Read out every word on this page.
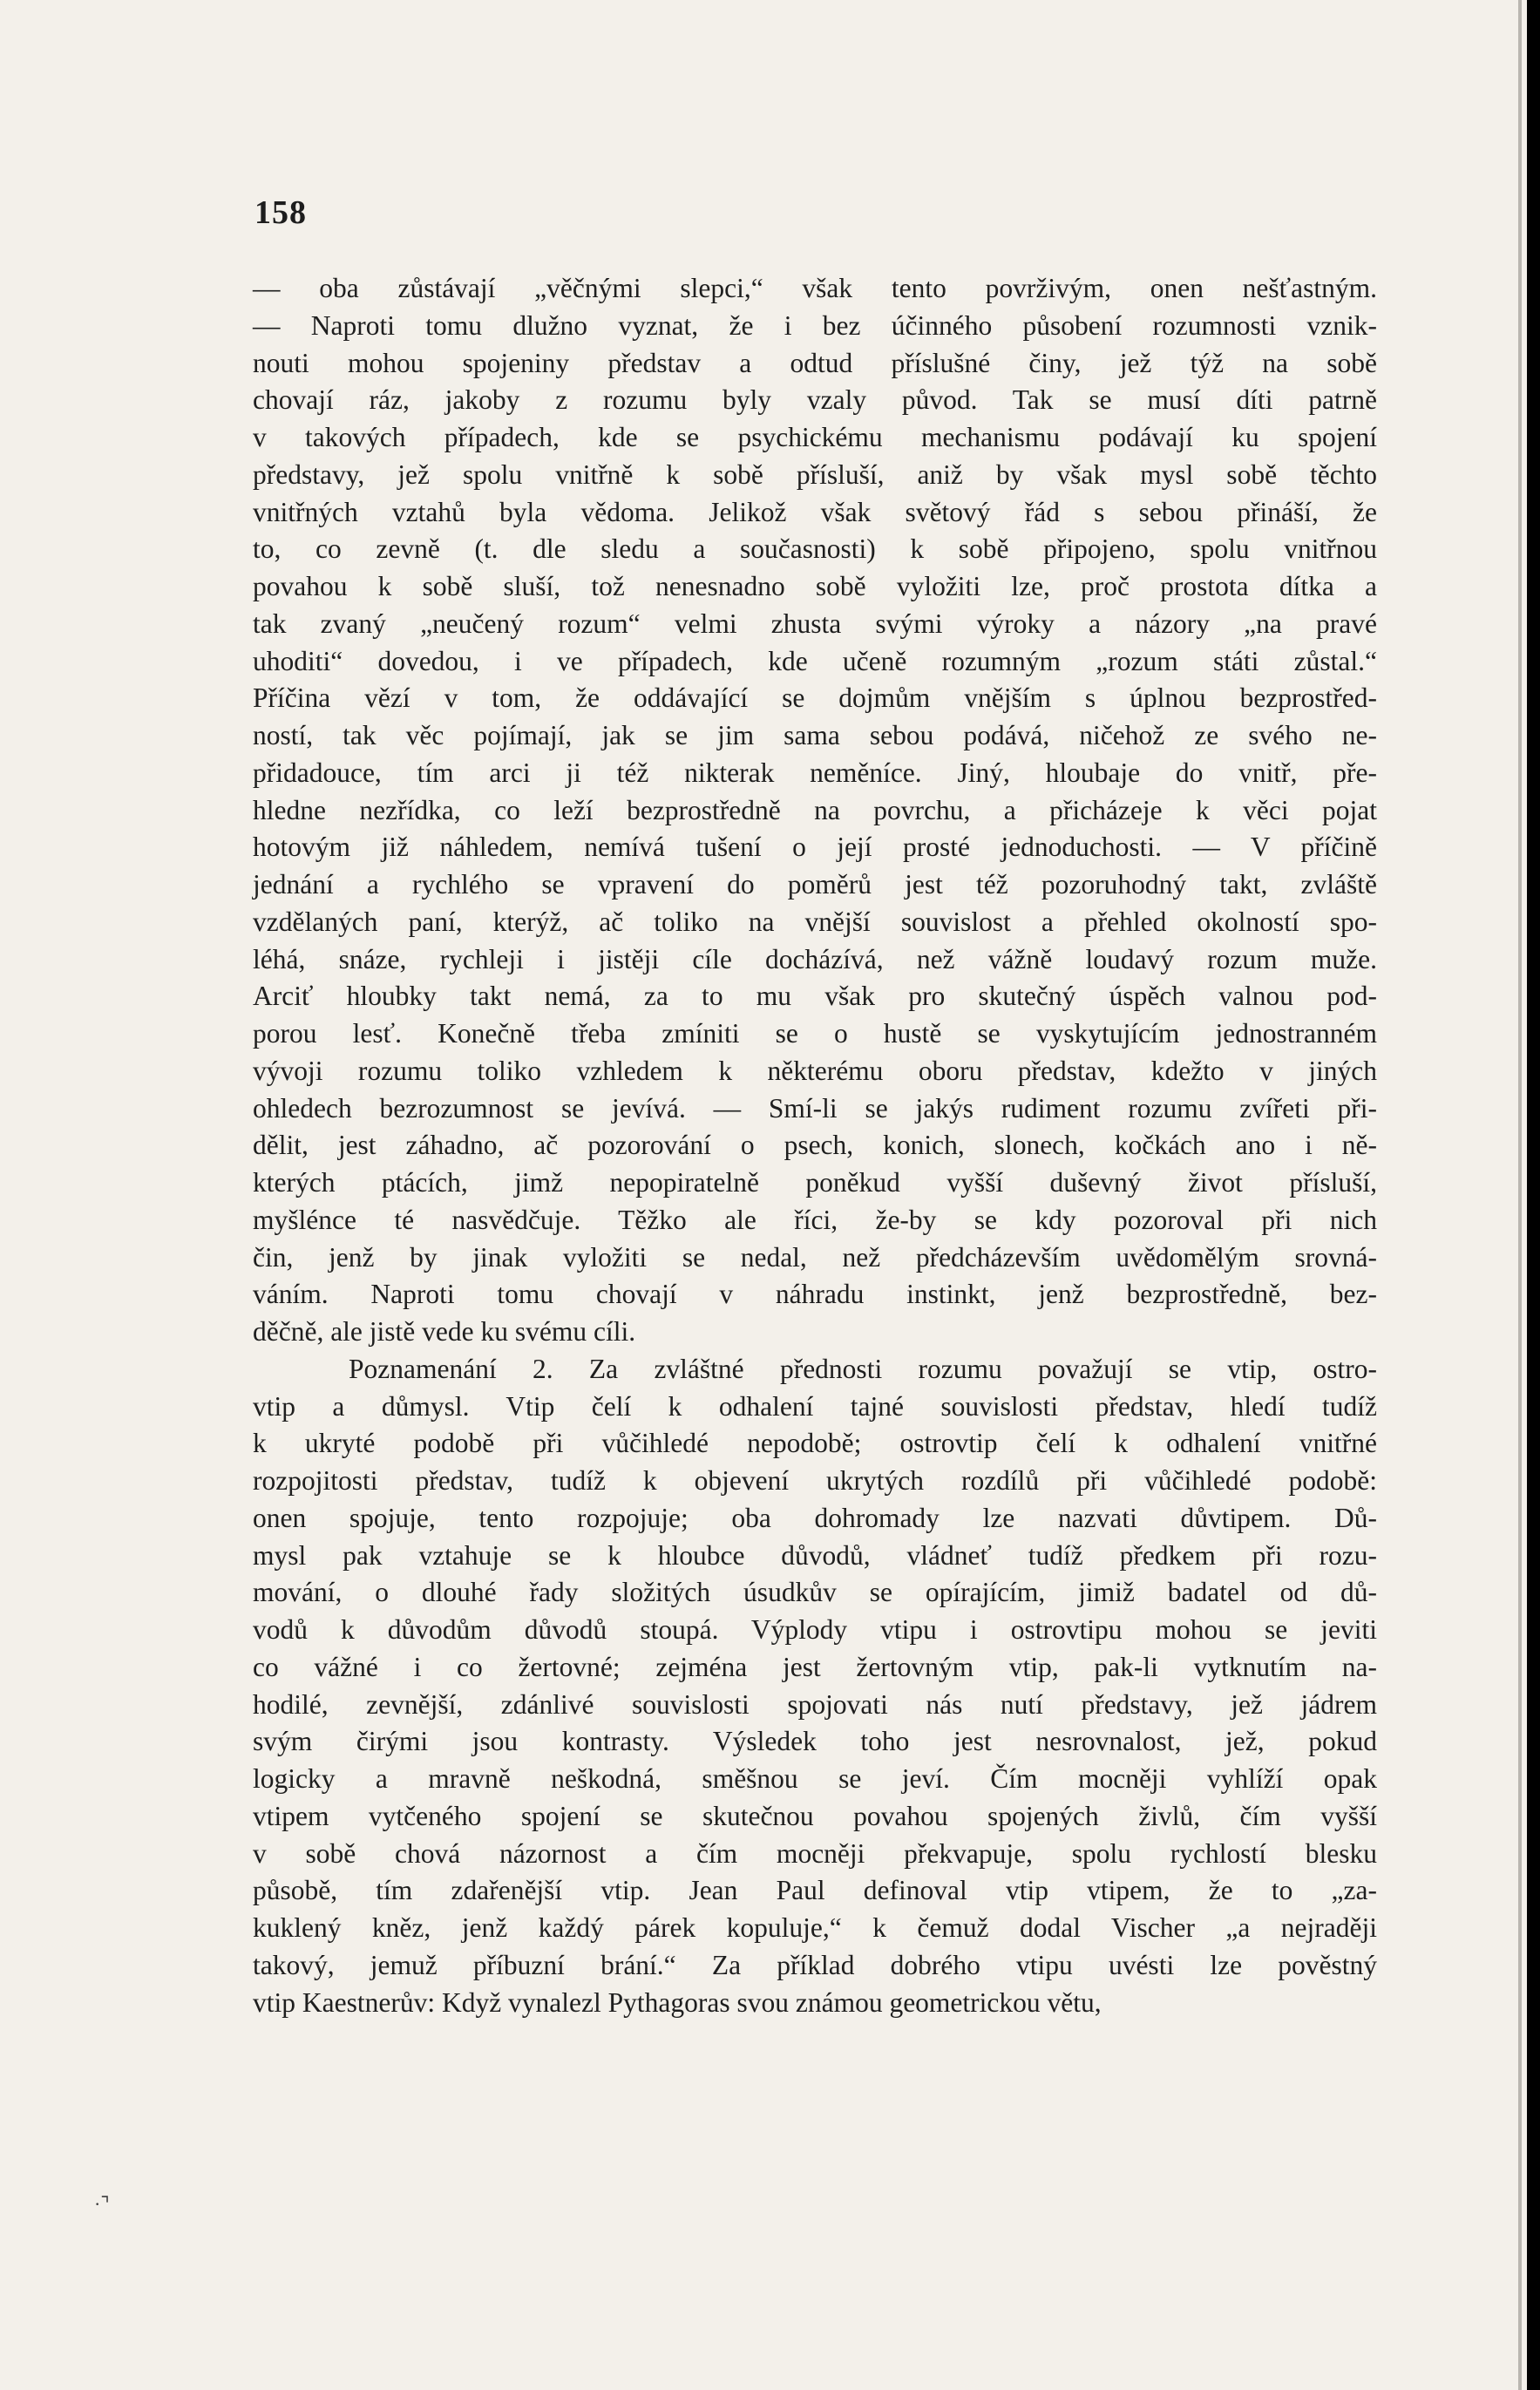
158
— oba zůstávají „věčnými slepci,“ však tento povrživým, onen nešťastným.
— Naproti tomu dlužno vyznat, že i bez účinného působení rozumnosti vznik-
nouti mohou spojeniny představ a odtud příslušné činy, jež týž na sobě
chovají ráz, jakoby z rozumu byly vzaly původ. Tak se musí díti patrně
v takových případech, kde se psychickému mechanismu podávají ku spojení
představy, jež spolu vnitřně k sobě přísluší, aniž by však mysl sobě těchto
vnitřných vztahů byla vědoma. Jelikož však světový řád s sebou přináší, že
to, co zevně (t. dle sledu a současnosti) k sobě připojeno, spolu vnitřnou
povahou k sobě sluší, tož nenesnadno sobě vyložiti lze, proč prostota dítka a
tak zvaný „neučený rozum“ velmi zhusta svými výroky a názory „na pravé
uhoditi“ dovedou, i ve případech, kde učeně rozumným „rozum státi zůstal.“
Příčina vězí v tom, že oddávající se dojmům vnějším s úplnou bezprostřed-
ností, tak věc pojímají, jak se jim sama sebou podává, ničehož ze svého ne-
přidadouce, tím arci ji též nikterak neměníce. Jiný, hloubaje do vnitř, pře-
hledne nezřídka, co leží bezprostředně na povrchu, a přicházeje k věci pojat
hotovým již náhledem, nemívá tušení o její prosté jednoduchosti. — V příčině
jednání a rychlého se vpravení do poměrů jest též pozoruhodný takt, zvláště
vzdělaných paní, kterýž, ač toliko na vnější souvislost a přehled okolností spo-
léhá, snáze, rychleji i jistěji cíle docházívá, než vážně loudavý rozum muže.
Arciť hloubky takt nemá, za to mu však pro skutečný úspěch valnou pod-
porou lesť. Konečně třeba zmíniti se o hustě se vyskytujícím jednostranném
vývoji rozumu toliko vzhledem k některému oboru představ, kdežto v jiných
ohledech bezrozumnost se jevívá. — Smí-li se jakýs rudiment rozumu zvířeti při-
dělit, jest záhadno, ač pozorování o psech, konich, slonech, kočkách ano i ně-
kterých ptácích, jimž nepopiratelně poněkud vyšší duševný život přísluší,
myšlénce té nasvědčuje. Těžko ale říci, že-by se kdy pozoroval při nich
čin, jenž by jinak vyložiti se nedal, než předcházevším uvědomělým srovná-
váním. Naproti tomu chovají v náhradu instinkt, jenž bezprostředně, bez-
děčně, ale jistě vede ku svému cíli.
Poznamenání 2. Za zvláštné přednosti rozumu považují se vtip, ostro-
vtip a důmysl. Vtip čelí k odhalení tajné souvislosti představ, hledí tudíž
k ukryté podobě při vůčihledé nepodobě; ostrovtip čelí k odhalení vnitřné
rozpojitosti představ, tudíž k objevení ukrytých rozdílů při vůčihledé podobě:
onen spojuje, tento rozpojuje; oba dohromady lze nazvati důvtipem. Dů-
mysl pak vztahuje se k hloubce důvodů, vládneť tudíž předkem při rozu-
mování, o dlouhé řady složitých úsudkův se opírajícím, jimiž badatel od dů-
vodů k důvodům důvodů stoupá. Výplody vtipu i ostrovtipu mohou se jeviti
co vážné i co žertovné; zejména jest žertovným vtip, pak-li vytknutím na-
hodilé, zevnější, zdánlivé souvislosti spojovati nás nutí představy, jež jádrem
svým čirými jsou kontrasty. Výsledek toho jest nesrovnalost, jež, pokud
logicky a mravně neškodná, směšnou se jeví. Čím mocněji vyhlíží opak
vtipem vytčeného spojení se skutečnou povahou spojených živlů, čím vyšší
v sobě chová názornost a čím mocněji překvapuje, spolu rychlostí blesku
působě, tím zdařenější vtip. Jean Paul definoval vtip vtipem, že to „za-
kuklený kněz, jenž každý párek kopuluje,“ k čemuž dodal Vischer „a nejraději
takový, jemuž příbuzní brání.“ Za příklad dobrého vtipu uvésti lze pověstný
vtip Kaestnerův: Když vynalezl Pythagoras svou známou geometrickou větu,
·⌝
